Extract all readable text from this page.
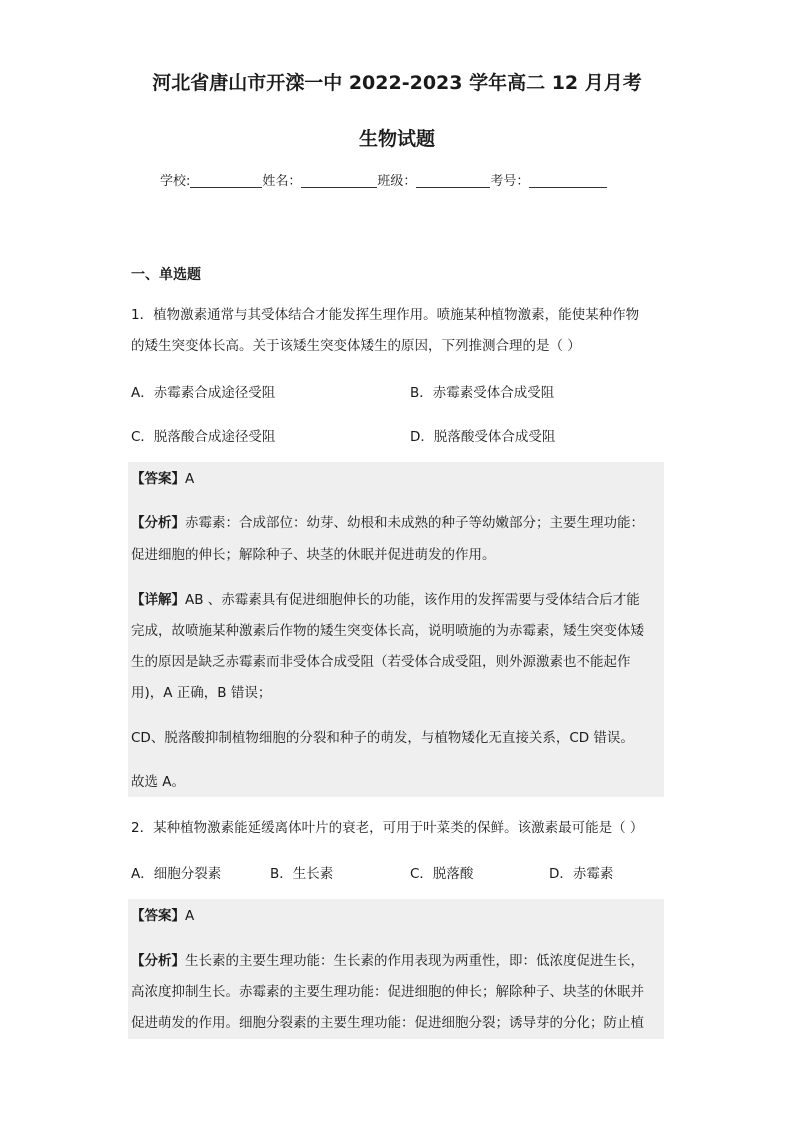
河北省唐山市开滦一中 2022-2023 学年高二 12 月月考
生物试题
学校:	姓名：	班级：	考号：
一、单选题
1．植物激素通常与其受体结合才能发挥生理作用。喷施某种植物激素，能使某种作物
的矮生突变体长高。关于该矮生突变体矮生的原因，下列推测合理的是（ ）
A．赤霉素合成途径受阻	B．赤霉素受体合成受阻
C．脱落酸合成途径受阻	D．脱落酸受体合成受阻
【答案】A
【分析】赤霉素：合成部位：幼芽、幼根和未成熟的种子等幼嫩部分；主要生理功能：
促进细胞的伸长；解除种子、块茎的休眠并促进萌发的作用。
【详解】AB 、赤霉素具有促进细胞伸长的功能，该作用的发挥需要与受体结合后才能
完成，故喷施某种激素后作物的矮生突变体长高，说明喷施的为赤霉素，矮生突变体矮
生的原因是缺乏赤霉素而非受体合成受阻（若受体合成受阻，则外源激素也不能起作
用)，A 正确，B 错误；
CD、脱落酸抑制植物细胞的分裂和种子的萌发，与植物矮化无直接关系，CD 错误。
故选 A。
2．某种植物激素能延缓离体叶片的衰老，可用于叶菜类的保鲜。该激素最可能是（ ）
A．细胞分裂素	B．生长素	C．脱落酸	D．赤霉素
【答案】A
【分析】生长素的主要生理功能：生长素的作用表现为两重性，即：低浓度促进生长，
高浓度抑制生长。赤霉素的主要生理功能：促进细胞的伸长；解除种子、块茎的休眠并
促进萌发的作用。细胞分裂素的主要生理功能：促进细胞分裂；诱导芽的分化；防止植
